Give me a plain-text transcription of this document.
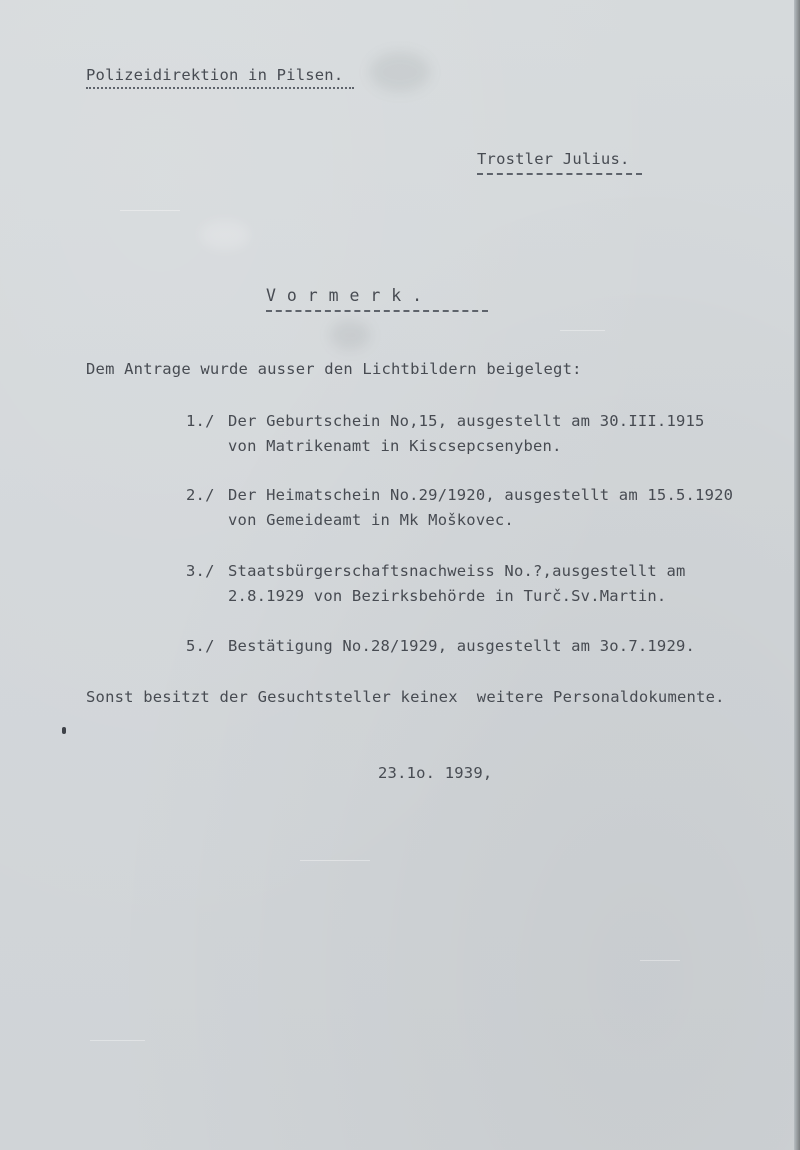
Polizeidirektion in Pilsen.
Trostler Julius.
V o r m e r k .
Dem Antrage wurde ausser den Lichtbildern beigelegt:
1./ Der Geburtschein No,15, ausgestellt am 30.III.1915
von Matrikenamt in Kiscsepcsenyben.
2./ Der Heimatschein No.29/1920, ausgestellt am 15.5.1920
von Gemeideamt in Mk Moškovec.
3./ Staatsbürgerschaftsnachweiss No.?,ausgestellt am
2.8.1929 von Bezirksbehörde in Turč.Sv.Martin.
5./ Bestätigung No.28/1929, ausgestellt am 3o.7.1929.
Sonst besitzt der Gesuchtsteller keinex  weitere Personaldokumente.
23.1o. 1939,
